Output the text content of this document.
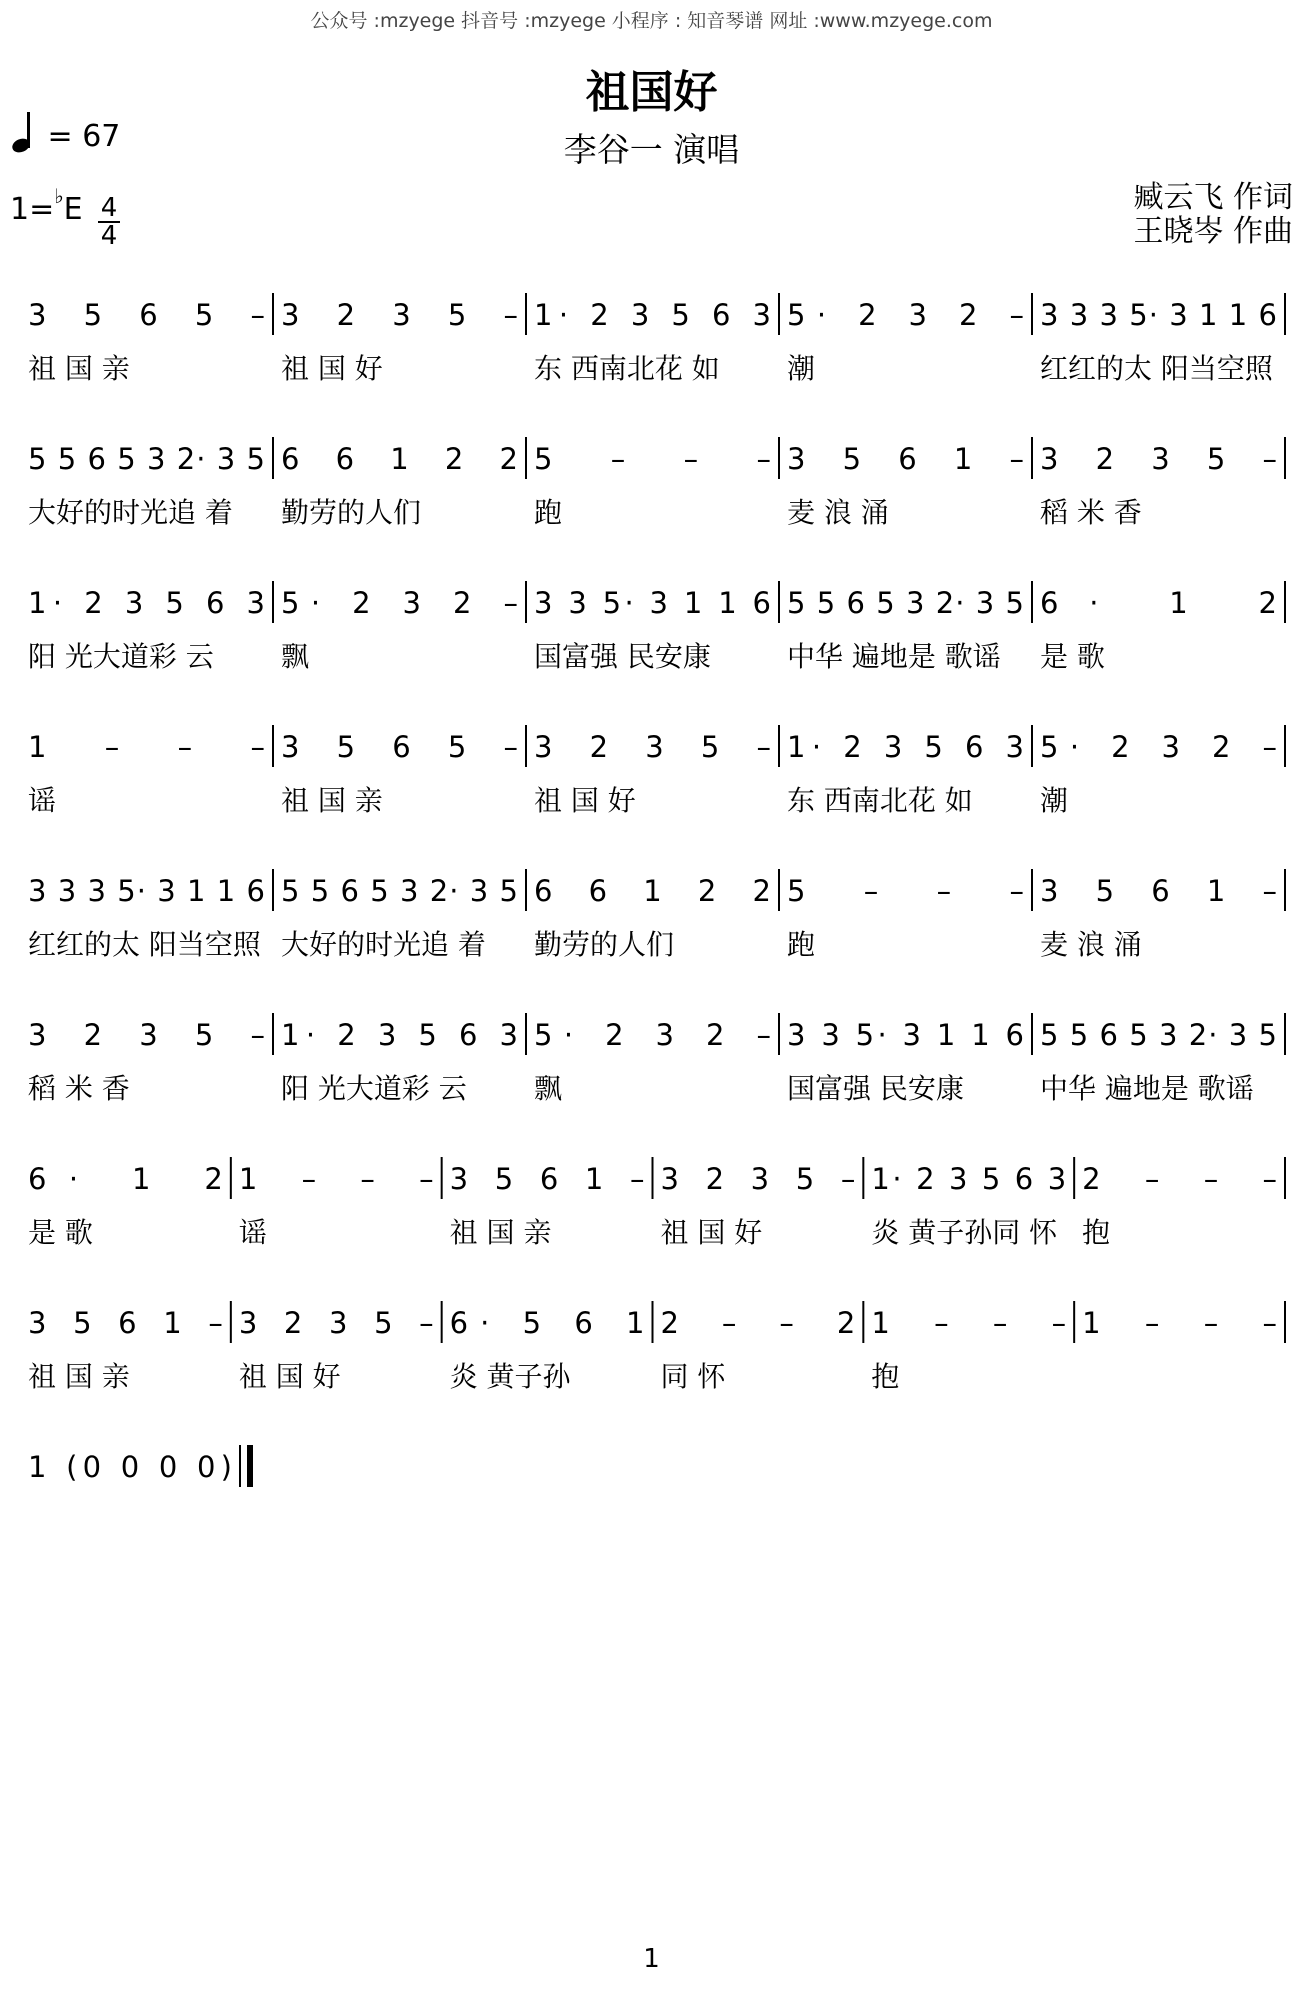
公众号 :mzyege 抖音号 :mzyege 小程序 : 知音琴谱 网址 :www.mzyege.com
祖国好
李谷一 演唱
= 67
1=♭E 4
4
臧云飞 作词
王晓岑 作曲
3 5 6 5 –
祖 国 亲
3 2 3 5 –
祖 国 好
1· 2 3 5 6 3
东 西南北花 如
5· 2 3 2 –
潮
3 3 3 5· 3 1 1 6
红红的太 阳当空照
5 5 6 5 3 2· 3 5
大好的时光追 着
6 6 1 2 2
勤劳的人们
5 – – –
跑
3 5 6 1 –
麦 浪 涌
3 2 3 5 –
稻 米 香
1· 2 3 5 6 3
阳 光大道彩 云
5· 2 3 2 –
飘
3 3 5· 3 1 1 6
国富强 民安康
5 5 6 5 3 2· 3 5
中华 遍地是 歌谣
6· 1 2
是 歌
1 – – –
谣
3 5 6 5 –
祖 国 亲
3 2 3 5 –
祖 国 好
1· 2 3 5 6 3
东 西南北花 如
5· 2 3 2 –
潮
3 3 3 5· 3 1 1 6
红红的太 阳当空照
5 5 6 5 3 2· 3 5
大好的时光追 着
6 6 1 2 2
勤劳的人们
5 – – –
跑
3 5 6 1 –
麦 浪 涌
3 2 3 5 –
稻 米 香
1· 2 3 5 6 3
阳 光大道彩 云
5· 2 3 2 –
飘
3 3 5· 3 1 1 6
国富强 民安康
5 5 6 5 3 2· 3 5
中华 遍地是 歌谣
6· 1 2
是 歌
1 – – –
谣
3 5 6 1 –
祖 国 亲
3 2 3 5 –
祖 国 好
1· 2 3 5 6 3
炎 黄子孙同 怀
2 – – –
抱
3 5 6 1 –
祖 国 亲
3 2 3 5 –
祖 国 好
6· 5 6 1
炎 黄子孙
2 – – 2
同 怀
1 – – –
抱
1 – – –
1 (0 0 0 0)
1
